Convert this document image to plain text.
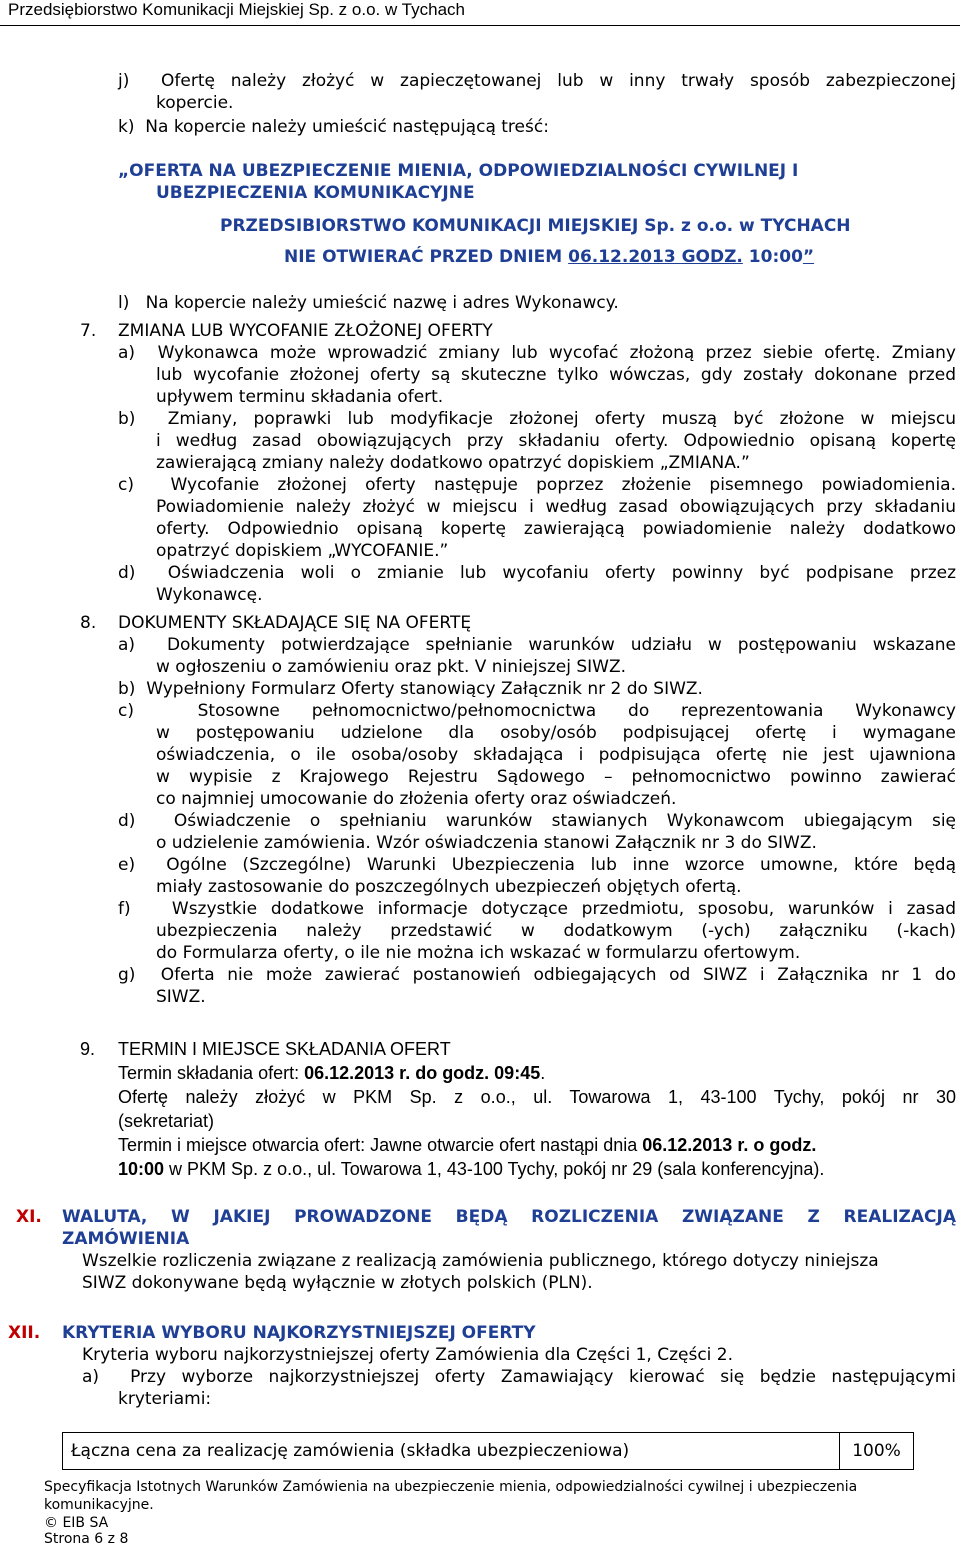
Przedsiębiorstwo Komunikacji Miejskiej Sp. z o.o. w Tychach
j)  Ofertę należy złożyć w zapieczętowanej lub w inny trwały sposób zabezpieczonej
kopercie.
k)  Na kopercie należy umieścić następującą treść:
„OFERTA NA UBEZPIECZENIE MIENIA, ODPOWIEDZIALNOŚCI CYWILNEJ I
UBEZPIECZENIA KOMUNIKACYJNE
PRZEDSIBIORSTWO KOMUNIKACJI MIEJSKIEJ Sp. z o.o. w TYCHACH
NIE OTWIERAĆ PRZED DNIEM 06.12.2013 GODZ. 10:00”
l)   Na kopercie należy umieścić nazwę i adres Wykonawcy.
7. ZMIANA LUB WYCOFANIE ZŁOŻONEJ OFERTY
a)  Wykonawca może wprowadzić zmiany lub wycofać złożoną przez siebie ofertę. Zmiany
lub wycofanie złożonej oferty są skuteczne tylko wówczas, gdy zostały dokonane przed
upływem terminu składania ofert.
b)  Zmiany, poprawki lub modyfikacje złożonej oferty muszą być złożone w miejscu
i według zasad obowiązujących przy składaniu oferty. Odpowiednio opisaną kopertę
zawierającą zmiany należy dodatkowo opatrzyć dopiskiem „ZMIANA.”
c)  Wycofanie złożonej oferty następuje poprzez złożenie pisemnego powiadomienia.
Powiadomienie należy złożyć w miejscu i według zasad obowiązujących przy składaniu
oferty. Odpowiednio opisaną kopertę zawierającą powiadomienie należy dodatkowo
opatrzyć dopiskiem „WYCOFANIE.”
d)  Oświadczenia woli o zmianie lub wycofaniu oferty powinny być podpisane przez
Wykonawcę.
8. DOKUMENTY SKŁADAJĄCE SIĘ NA OFERTĘ
a)  Dokumenty potwierdzające spełnianie warunków udziału w postępowaniu wskazane
w ogłoszeniu o zamówieniu oraz pkt. V niniejszej SIWZ.
b)  Wypełniony Formularz Oferty stanowiący Załącznik nr 2 do SIWZ.
c)  Stosowne pełnomocnictwo/pełnomocnictwa do reprezentowania Wykonawcy
w postępowaniu udzielone dla osoby/osób podpisującej ofertę i wymagane
oświadczenia, o ile osoba/osoby składająca i podpisująca ofertę nie jest ujawniona
w wypisie z Krajowego Rejestru Sądowego – pełnomocnictwo powinno zawierać
co najmniej umocowanie do złożenia oferty oraz oświadczeń.
d)  Oświadczenie o spełnianiu warunków stawianych Wykonawcom ubiegającym się
o udzielenie zamówienia. Wzór oświadczenia stanowi Załącznik nr 3 do SIWZ.
e)  Ogólne (Szczególne) Warunki Ubezpieczenia lub inne wzorce umowne, które będą
miały zastosowanie do poszczególnych ubezpieczeń objętych ofertą.
f)   Wszystkie dodatkowe informacje dotyczące przedmiotu, sposobu, warunków i zasad
ubezpieczenia należy przedstawić w dodatkowym (-ych) załączniku (-kach)
do Formularza oferty, o ile nie można ich wskazać w formularzu ofertowym.
g)  Oferta nie może zawierać postanowień odbiegających od SIWZ i Załącznika nr 1 do
SIWZ.
9. TERMIN I MIEJSCE SKŁADANIA OFERT
Termin składania ofert: 06.12.2013 r. do godz. 09:45.
Ofertę należy złożyć w PKM Sp. z o.o., ul. Towarowa 1, 43-100 Tychy, pokój nr 30
(sekretariat)
Termin i miejsce otwarcia ofert: Jawne otwarcie ofert nastąpi dnia 06.12.2013 r. o godz.
10:00 w PKM Sp. z o.o., ul. Towarowa 1, 43-100 Tychy, pokój nr 29 (sala konferencyjna).
XI. WALUTA, W JAKIEJ PROWADZONE BĘDĄ ROZLICZENIA ZWIĄZANE Z REALIZACJĄ
ZAMÓWIENIA
Wszelkie rozliczenia związane z realizacją zamówienia publicznego, którego dotyczy niniejsza
SIWZ dokonywane będą wyłącznie w złotych polskich (PLN).
XII. KRYTERIA WYBORU NAJKORZYSTNIEJSZEJ OFERTY
Kryteria wyboru najkorzystniejszej oferty Zamówienia dla Części 1, Części 2.
a)  Przy wyborze najkorzystniejszej oferty Zamawiający kierować się będzie następującymi
kryteriami:
Łączna cena za realizację zamówienia (składka ubezpieczeniowa)	100%
Specyfikacja Istotnych Warunków Zamówienia na ubezpieczenie mienia, odpowiedzialności cywilnej i ubezpieczenia
komunikacyjne.
© EIB SA
Strona 6 z 8
